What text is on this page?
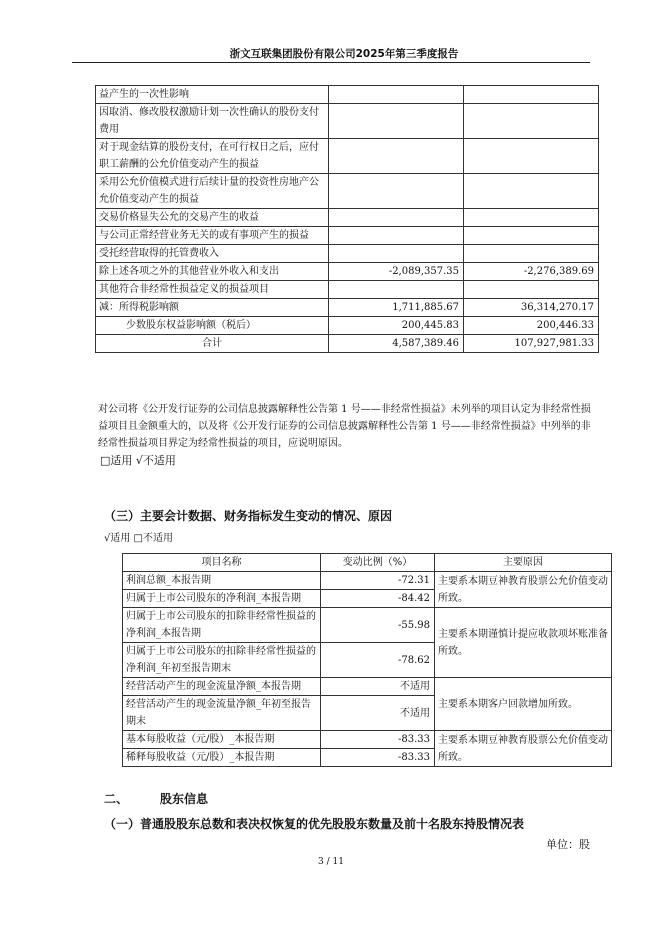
浙文互联集团股份有限公司2025年第三季度报告
益产生的一次性影响		
因取消、修改股权激励计划一次性确认的股份支付费用		
对于现金结算的股份支付，在可行权日之后，应付职工薪酬的公允价值变动产生的损益		
采用公允价值模式进行后续计量的投资性房地产公允价值变动产生的损益		
交易价格显失公允的交易产生的收益		
与公司正常经营业务无关的或有事项产生的损益		
受托经营取得的托管费收入		
除上述各项之外的其他营业外收入和支出	-2,089,357.35	-2,276,389.69
其他符合非经常性损益定义的损益项目		
减：所得税影响额	1,711,885.67	36,314,270.17
少数股东权益影响额（税后）	200,445.83	200,446.33
合计	4,587,389.46	107,927,981.33
对公司将《公开发行证券的公司信息披露解释性公告第 1 号——非经常性损益》未列举的项目认定为非经常性损益项目且金额重大的，以及将《公开发行证券的公司信息披露解释性公告第 1 号——非经常性损益》中列举的非经常性损益项目界定为经常性损益的项目，应说明原因。
□适用 √不适用
（三）主要会计数据、财务指标发生变动的情况、原因
√适用 □不适用
项目名称	变动比例（%）	主要原因
利润总额_本报告期	-72.31	主要系本期豆神教育股票公允价值变动所致。
归属于上市公司股东的净利润_本报告期	-84.42	
归属于上市公司股东的扣除非经常性损益的净利润_本报告期	-55.98	主要系本期谨慎计提应收款项坏账准备所致。
归属于上市公司股东的扣除非经常性损益的净利润_年初至报告期末	-78.62	
经营活动产生的现金流量净额_本报告期	不适用	主要系本期客户回款增加所致。
经营活动产生的现金流量净额_年初至报告期末	不适用	
基本每股收益（元/股）_本报告期	-83.33	主要系本期豆神教育股票公允价值变动所致。
稀释每股收益（元/股）_本报告期	-83.33	
二、	股东信息
（一）普通股股东总数和表决权恢复的优先股股东数量及前十名股东持股情况表
单位：股
3 / 11
